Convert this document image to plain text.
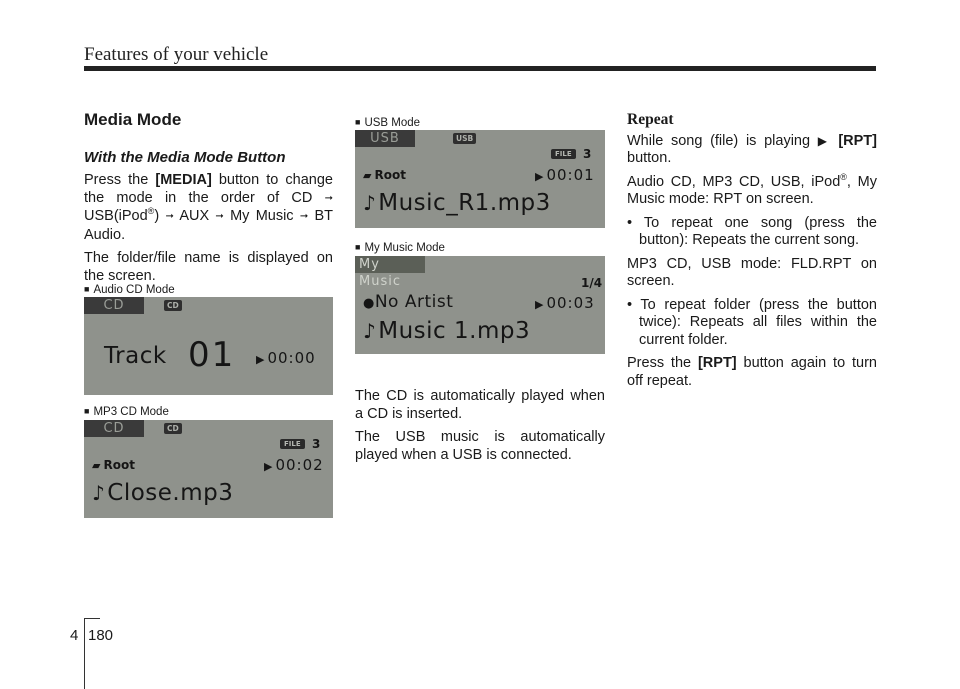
Features of your vehicle
Media Mode
With the Media Mode Button

Press the [MEDIA] button to change the mode in the order of CD ➞ USB(iPod®) ➞ AUX ➞ My Music ➞ BT Audio.

The folder/file name is displayed on the screen.

■ Audio CD Mode
CD	CD
Track 01 ▶ 00:00
■ MP3 CD Mode
CD	CD
FILE 3
▰ Root	▶ 00:02
♪Close.mp3
■ USB Mode
USB	USB
FILE 3
▰ Root	▶ 00:01
♪Music_R1.mp3
■ My Music Mode
My Music	1/4
●No Artist	▶ 00:03
♪Music 1.mp3

The CD is automatically played when a CD is inserted.

The USB music is automatically played when a USB is connected.

Repeat

While song (file) is playing ▶ [RPT] button.

Audio CD, MP3 CD, USB, iPod®, My Music mode: RPT on screen.

• To repeat one song (press the button): Repeats the current song.

MP3 CD, USB mode: FLD.RPT on screen.

• To repeat folder (press the button twice): Repeats all files within the current folder.

Press the [RPT] button again to turn off repeat.

4 180
